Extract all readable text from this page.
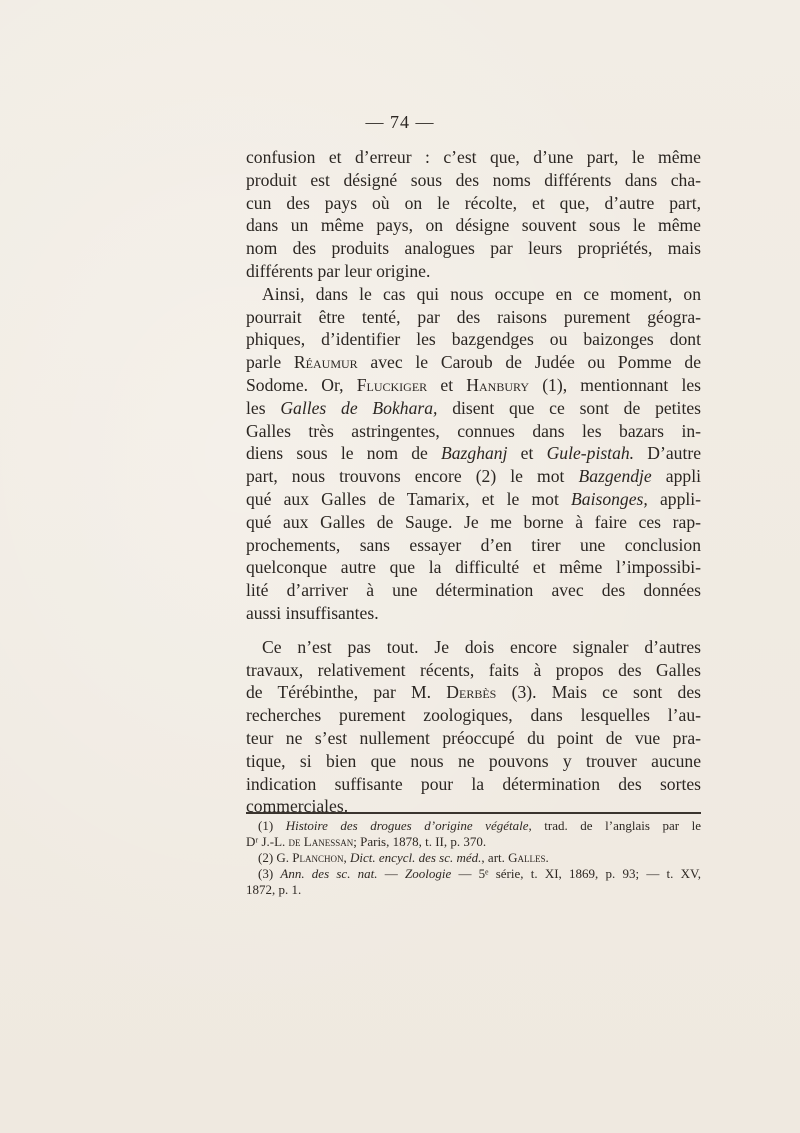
— 74 —

confusion et d’erreur : c’est que, d’une part, le même
produit est désigné sous des noms différents dans cha-
cun des pays où on le récolte, et que, d’autre part,
dans un même pays, on désigne souvent sous le même
nom des produits analogues par leurs propriétés, mais
différents par leur origine.

Ainsi, dans le cas qui nous occupe en ce moment, on
pourrait être tenté, par des raisons purement géogra-
phiques, d’identifier les bazgendges ou baizonges dont
parle Réaumur avec le Caroub de Judée ou Pomme de
Sodome. Or, Fluckiger et Hanbury (1), mentionnant les
les Galles de Bokhara, disent que ce sont de petites
Galles très astringentes, connues dans les bazars in-
diens sous le nom de Bazghanj et Gule-pistah. D’autre
part, nous trouvons encore (2) le mot Bazgendje appli
qué aux Galles de Tamarix, et le mot Baisonges, appli-
qué aux Galles de Sauge. Je me borne à faire ces rap-
prochements, sans essayer d’en tirer une conclusion
quelconque autre que la difficulté et même l’impossibi-
lité d’arriver à une détermination avec des données
aussi insuffisantes.

Ce n’est pas tout. Je dois encore signaler d’autres
travaux, relativement récents, faits à propos des Galles
de Térébinthe, par M. Derbès (3). Mais ce sont des
recherches purement zoologiques, dans lesquelles l’au-
teur ne s’est nullement préoccupé du point de vue pra-
tique, si bien que nous ne pouvons y trouver aucune
indication suffisante pour la détermination des sortes
commerciales.

(1) Histoire des drogues d’origine végétale, trad. de l’anglais par le
Dʳ J.-L. de Lanessan; Paris, 1878, t. II, p. 370.
(2) G. Planchon, Dict. encycl. des sc. méd., art. Galles.
(3) Ann. des sc. nat. — Zoologie — 5ᵉ série, t. XI, 1869, p. 93; — t. XV,
1872, p. 1.
